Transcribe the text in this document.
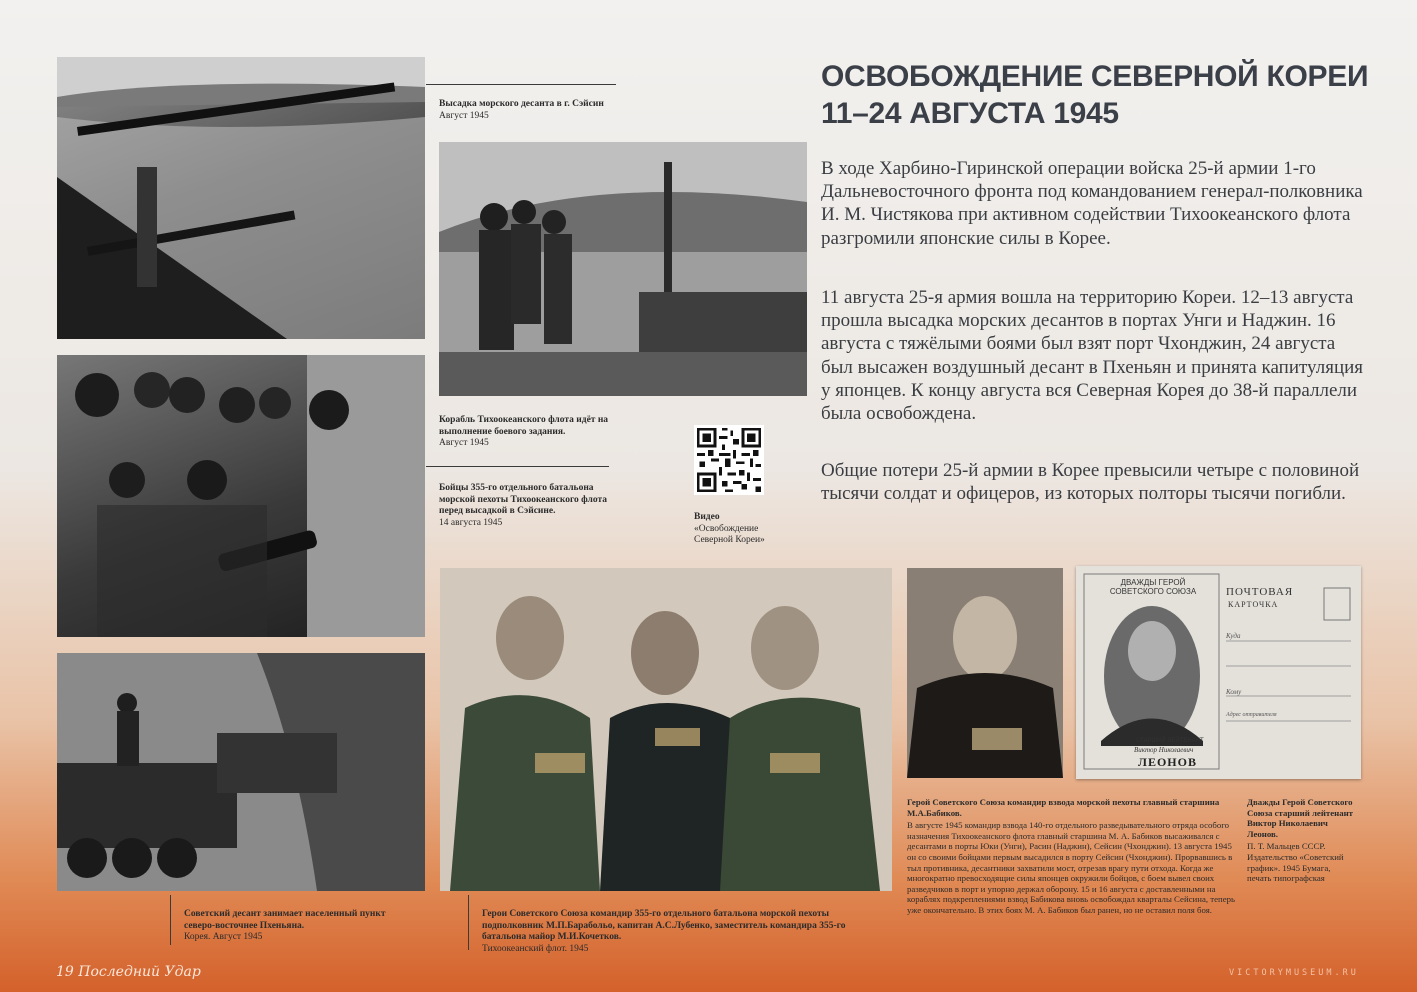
Высадка морского десанта в г. Сэйсин
Август 1945
Корабль Тихоокеанского флота идёт на выполнение боевого задания.
Август 1945
Бойцы 355-го отдельного батальона морской пехоты Тихоокеанского флота перед высадкой в Сэйсине.
14 августа 1945
Видео
«Освобождение Северной Кореи»
ОСВОБОЖДЕНИЕ СЕВЕРНОЙ КОРЕИ
11–24 АВГУСТА 1945
В ходе Харбино-Гиринской операции войска 25-й армии 1-го Дальневосточного фронта под командованием генерал-полковника И. М. Чистякова при активном содействии Тихоокеанского флота разгромили японские силы в Корее.
11 августа 25-я армия вошла на территорию Кореи. 12–13 августа прошла высадка морских десантов в портах Унги и Наджин. 16 августа с тяжёлыми боями был взят порт Чхонджин, 24 августа был высажен воздушный десант в Пхеньян и принята капитуляция у японцев. К концу августа вся Северная Корея до 38-й параллели была освобождена.
Общие потери 25-й армии в Корее превысили четыре с половиной тысячи солдат и офицеров, из которых полторы тысячи погибли.
ДВАЖДЫ ГЕРОЙ СОВЕТСКОГО СОЮЗА	ПОЧТОВАЯ
КАРТОЧКА
Куда
Кому
Адрес отправителя
СТАРШИЙ ЛЕЙТЕНАНТ
Виктор Николаевич
ЛЕОНОВ
Советский десант занимает населенный пункт северо-восточнее Пхеньяна.
Корея. Август 1945
Герои Советского Союза командир 355-го отдельного батальона морской пехоты подполковник М.П.Барабольо, капитан А.С.Лубенко, заместитель командира 355-го батальона майор М.И.Кочетков.
Тихоокеанский флот. 1945
Герой Советского Союза командир взвода морской пехоты главный старшина М.А.Бабиков.
В августе 1945 командир взвода 140-го отдельного разведывательного отряда особого назначения Тихоокеанского флота главный старшина М. А. Бабиков высаживался с десантами в порты Юки (Унги), Расин (Наджин), Сейсин (Чхонджин). 13 августа 1945 он со своими бойцами первым высадился в порту Сейсин (Чхонджин). Прорвавшись в тыл противника, десантники захватили мост, отрезав врагу пути отхода. Когда же многократно превосходящие силы японцев окружили бойцов, с боем вывел своих разведчиков в порт и упорно держал оборону. 15 и 16 августа с доставленными на кораблях подкреплениями взвод Бабикова вновь освобождал кварталы Сейсина, теперь уже окончательно. В этих боях М. А. Бабиков был ранен, но не оставил поля боя.
Дважды Герой Советского Союза старший лейтенант Виктор Николаевич Леонов.
П. Т. Мальцев СССР. Издательство «Советский график». 1945 Бумага, печать типографская
19 Последний Удар	VICTORYMUSEUM.RU
